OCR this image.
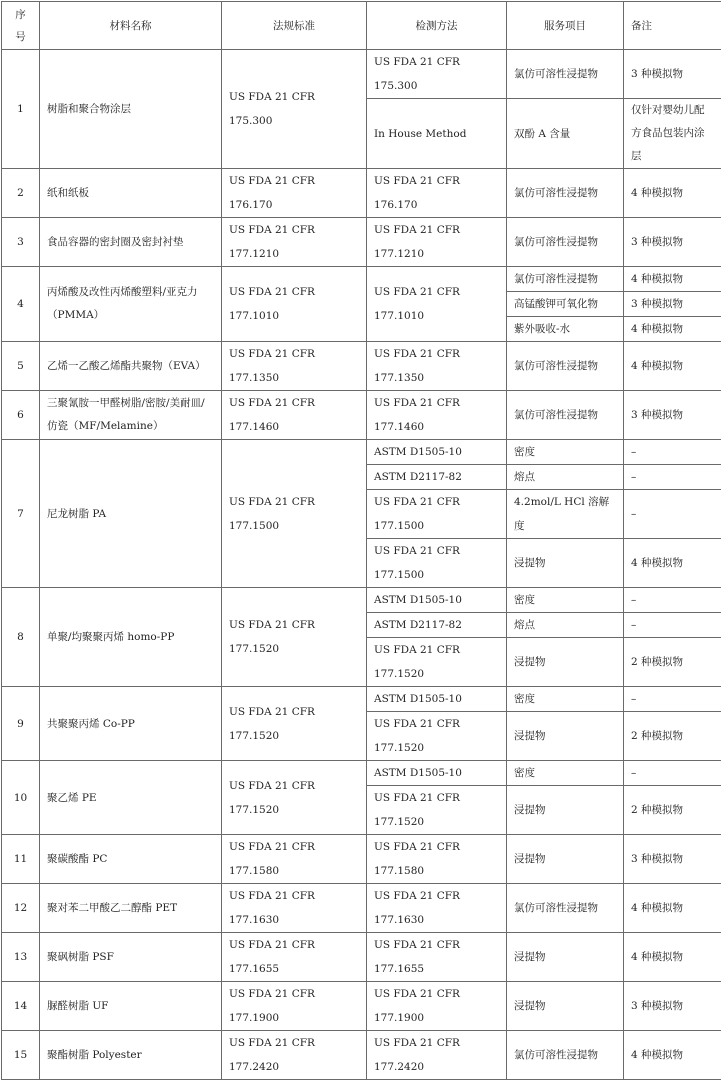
序号	材料名称	法规标准	检测方法	服务项目	备注
1	树脂和聚合物涂层	US FDA 21 CFR 175.300	US FDA 21 CFR 175.300	氯仿可溶性浸提物	3 种模拟物
			In House Method	双酚 A 含量	仅针对婴幼儿配方食品包装内涂层
2	纸和纸板	US FDA 21 CFR 176.170	US FDA 21 CFR 176.170	氯仿可溶性浸提物	4 种模拟物
3	食品容器的密封圈及密封衬垫	US FDA 21 CFR 177.1210	US FDA 21 CFR 177.1210	氯仿可溶性浸提物	3 种模拟物
4	丙烯酸及改性丙烯酸塑料/亚克力（PMMA）	US FDA 21 CFR 177.1010	US FDA 21 CFR 177.1010	氯仿可溶性浸提物	4 种模拟物
				高锰酸钾可氧化物	3 种模拟物
				紫外吸收-水	4 种模拟物
5	乙烯一乙酸乙烯酯共聚物（EVA）	US FDA 21 CFR 177.1350	US FDA 21 CFR 177.1350	氯仿可溶性浸提物	4 种模拟物
6	三聚氰胺一甲醛树脂/密胺/美耐皿/仿瓷（MF/Melamine）	US FDA 21 CFR 177.1460	US FDA 21 CFR 177.1460	氯仿可溶性浸提物	3 种模拟物
7	尼龙树脂 PA	US FDA 21 CFR 177.1500	ASTM D1505-10	密度	–
			ASTM D2117-82	熔点	–
			US FDA 21 CFR 177.1500	4.2mol/L HCl 溶解度	–
			US FDA 21 CFR 177.1500	浸提物	4 种模拟物
8	单聚/均聚聚丙烯 homo-PP	US FDA 21 CFR 177.1520	ASTM D1505-10	密度	–
			ASTM D2117-82	熔点	–
			US FDA 21 CFR 177.1520	浸提物	2 种模拟物
9	共聚聚丙烯 Co-PP	US FDA 21 CFR 177.1520	ASTM D1505-10	密度	–
			US FDA 21 CFR 177.1520	浸提物	2 种模拟物
10	聚乙烯 PE	US FDA 21 CFR 177.1520	ASTM D1505-10	密度	–
			US FDA 21 CFR 177.1520	浸提物	2 种模拟物
11	聚碳酸酯 PC	US FDA 21 CFR 177.1580	US FDA 21 CFR 177.1580	浸提物	3 种模拟物
12	聚对苯二甲酸乙二醇酯 PET	US FDA 21 CFR 177.1630	US FDA 21 CFR 177.1630	氯仿可溶性浸提物	4 种模拟物
13	聚砜树脂 PSF	US FDA 21 CFR 177.1655	US FDA 21 CFR 177.1655	浸提物	4 种模拟物
14	脲醛树脂 UF	US FDA 21 CFR 177.1900	US FDA 21 CFR 177.1900	浸提物	3 种模拟物
15	聚酯树脂 Polyester	US FDA 21 CFR 177.2420	US FDA 21 CFR 177.2420	氯仿可溶性浸提物	4 种模拟物
